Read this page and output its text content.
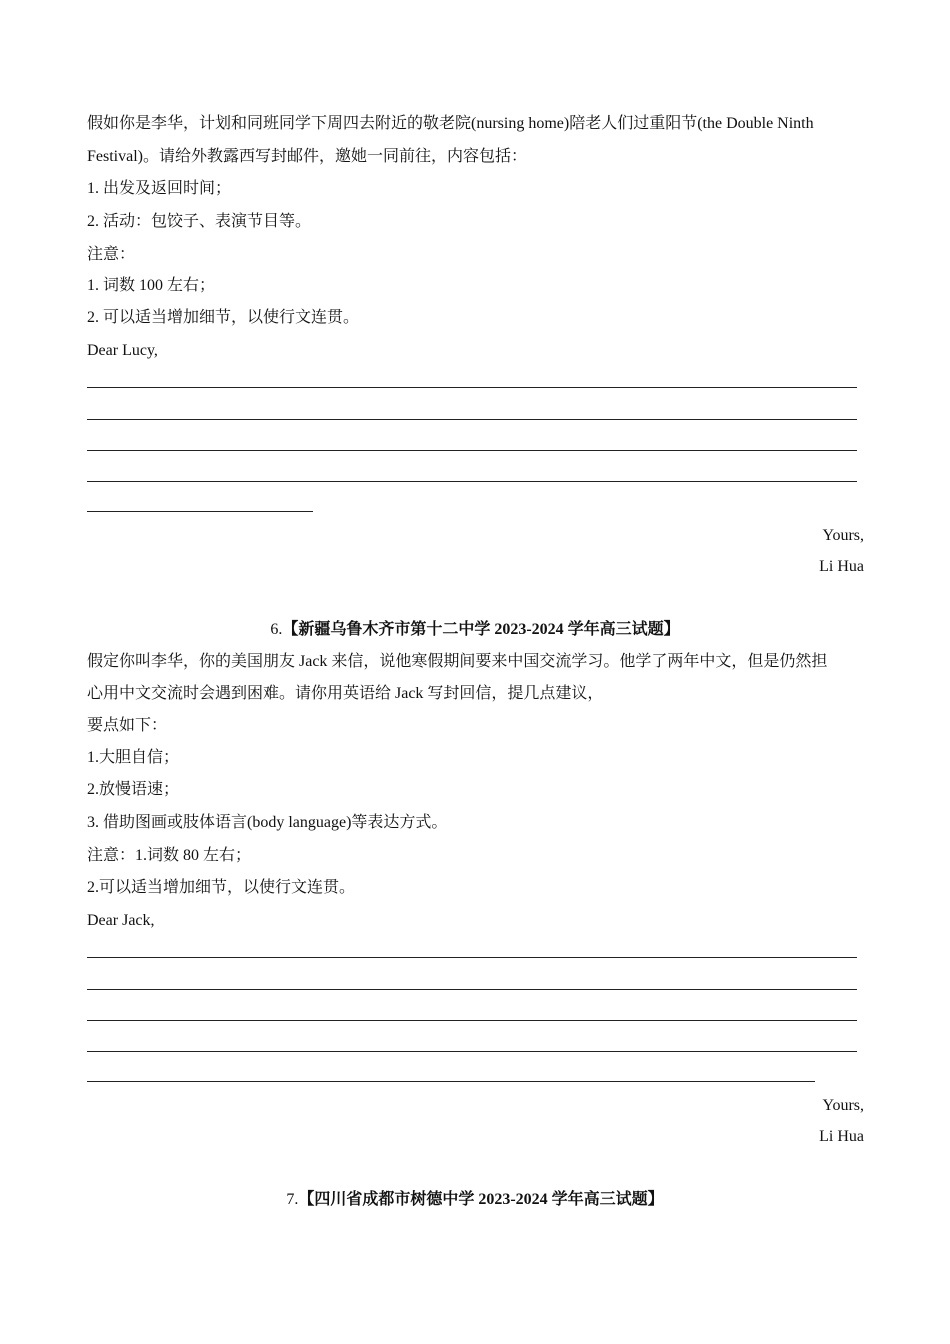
假如你是李华，计划和同班同学下周四去附近的敬老院(nursing home)陪老人们过重阳节(the Double Ninth
Festival)。请给外教露西写封邮件，邀她一同前往，内容包括：
1. 出发及返回时间；
2. 活动：包饺子、表演节目等。
注意：
1. 词数 100 左右；
2. 可以适当增加细节，以使行文连贯。
Dear Lucy,
Yours,
Li Hua
6.【新疆乌鲁木齐市第十二中学 2023-2024 学年高三试题】
假定你叫李华，你的美国朋友 Jack 来信，说他寒假期间要来中国交流学习。他学了两年中文，但是仍然担
心用中文交流时会遇到困难。请你用英语给 Jack 写封回信，提几点建议，
要点如下：
1.大胆自信；
2.放慢语速；
3. 借助图画或肢体语言(body language)等表达方式。
注意：1.词数 80 左右；
2.可以适当增加细节，以使行文连贯。
Dear Jack,
Yours,
Li Hua
7.【四川省成都市树德中学 2023-2024 学年高三试题】
